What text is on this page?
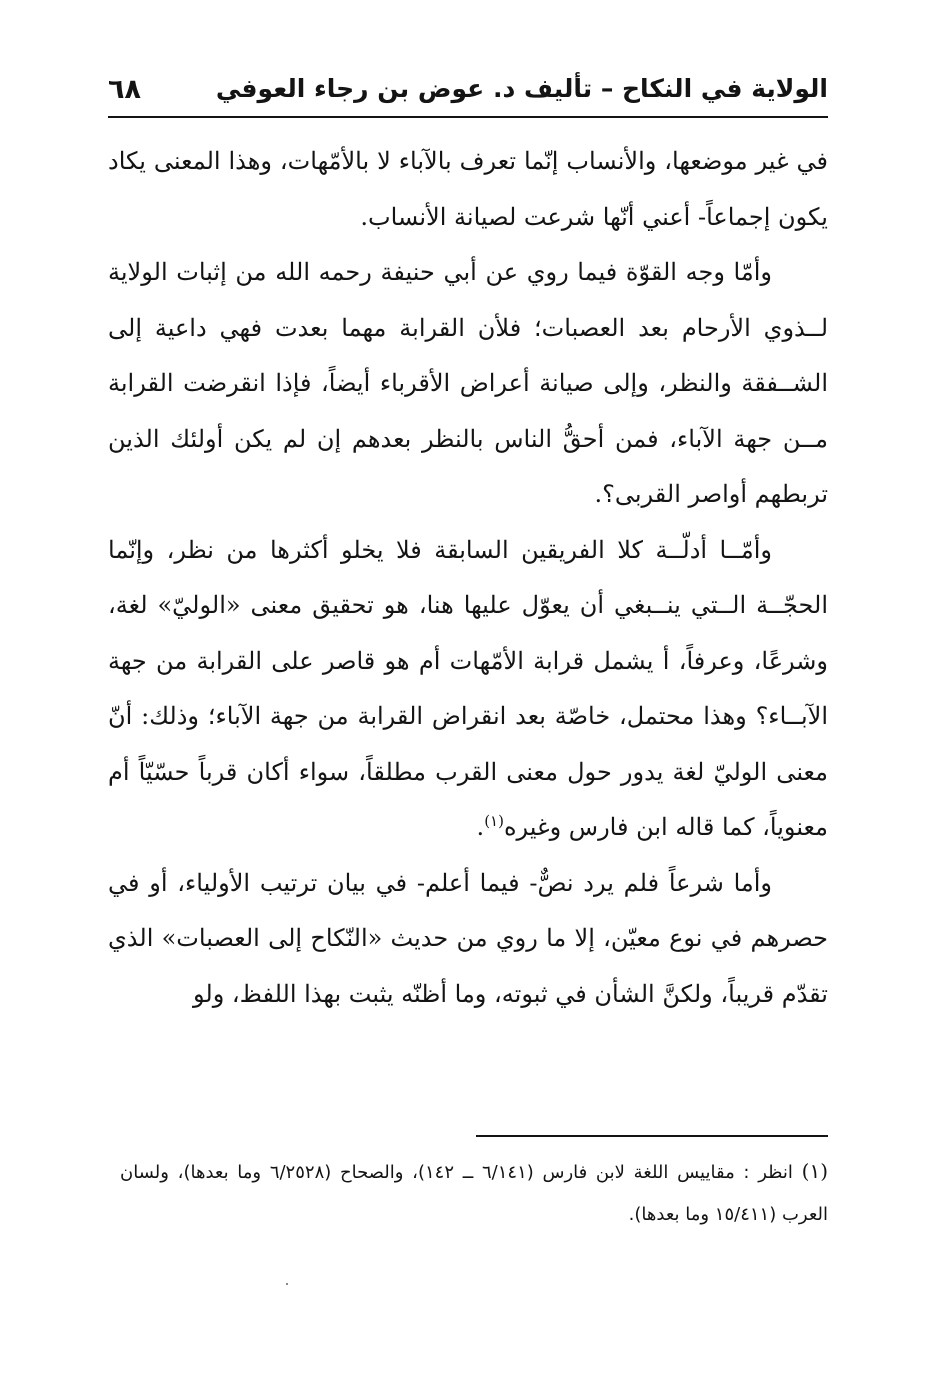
الولاية في النكاح – تأليف د. عوض بن رجاء العوفي
٦٨

في غير موضعها، والأنساب إنّما تعرف بالآباء لا بالأمّهات، وهذا المعنى يكاد يكون إجماعاً- أعني أنّها شرعت لصيانة الأنساب.

وأمّا وجه القوّة فيما روي عن أبي حنيفة رحمه الله من إثبات الولاية لــذوي الأرحام بعد العصبات؛ فلأن القرابة مهما بعدت فهي داعية إلى الشــفقة والنظر، وإلى صيانة أعراض الأقرباء أيضاً، فإذا انقرضت القرابة مــن جهة الآباء، فمن أحقُّ الناس بالنظر بعدهم إن لم يكن أولئك الذين تربطهم أواصر القربى؟.

وأمّــا أدلّــة كلا الفريقين السابقة فلا يخلو أكثرها من نظر، وإنّما الحجّــة الــتي ينــبغي أن يعوّل عليها هنا، هو تحقيق معنى «الوليّ» لغة، وشرعًا، وعرفاً، أ يشمل قرابة الأمّهات أم هو قاصر على القرابة من جهة الآبــاء؟ وهذا محتمل، خاصّة بعد انقراض القرابة من جهة الآباء؛ وذلك: أنّ معنى الوليّ لغة يدور حول معنى القرب مطلقاً، سواء أكان قرباً حسّيّاً أم معنوياً، كما قاله ابن فارس وغيره$^{(١)}$.

وأما شرعاً فلم يرد نصٌّ- فيما أعلم- في بيان ترتيب الأولياء، أو في حصرهم في نوع معيّن، إلا ما روي من حديث «النّكاح إلى العصبات» الذي تقدّم قريباً، ولكنَّ الشأن في ثبوته، وما أظنّه يثبت بهذا اللفظ، ولو

(١) انظر : مقاييس اللغة لابن فارس (٦/١٤١ ــ ١٤٢)، والصحاح (٦/٢٥٢٨ وما بعدها)، ولسان العرب (١٥/٤١١ وما بعدها).
